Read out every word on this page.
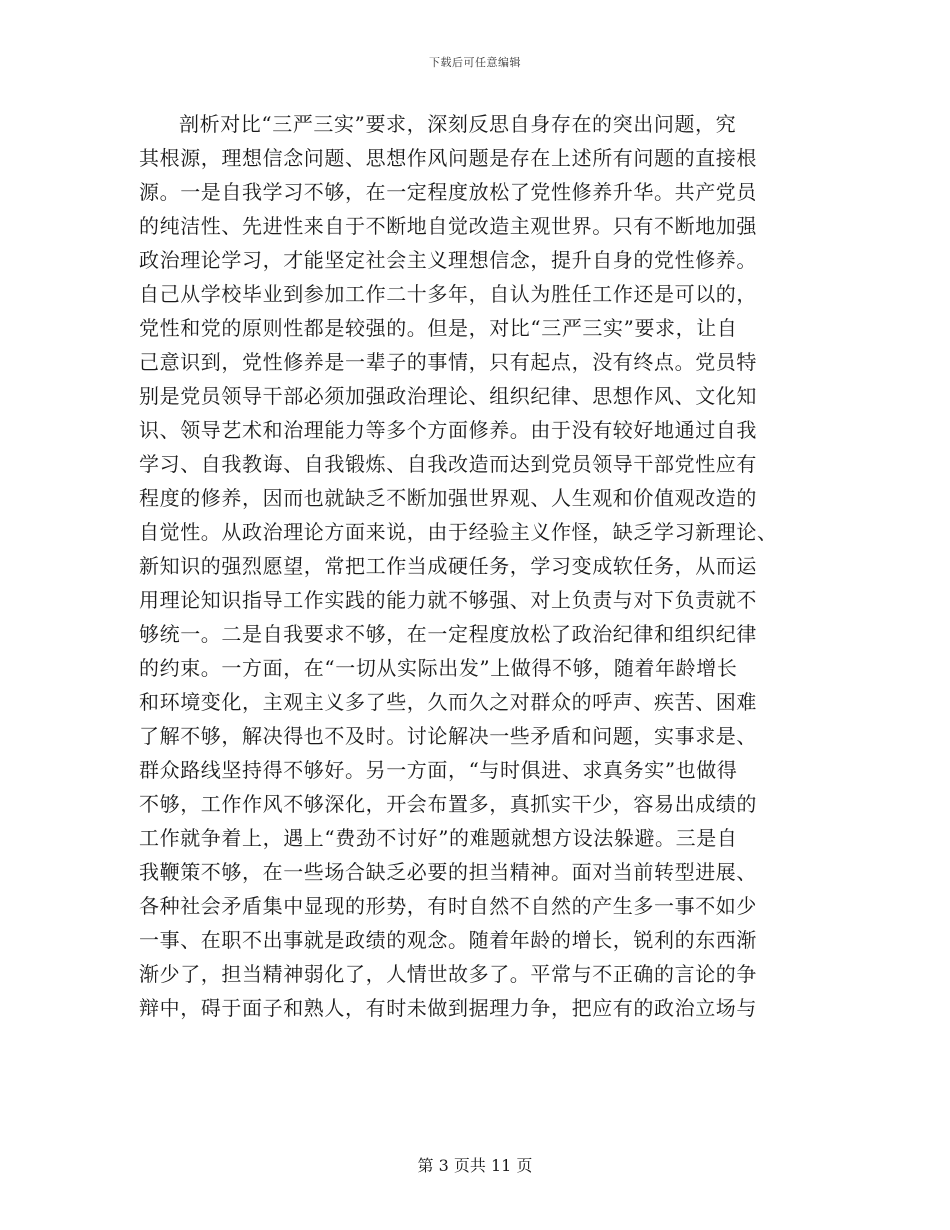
下载后可任意编辑
剖析对比“三严三实”要求，深刻反思自身存在的突出问题，究
其根源，理想信念问题、思想作风问题是存在上述所有问题的直接根
源。一是自我学习不够，在一定程度放松了党性修养升华。共产党员
的纯洁性、先进性来自于不断地自觉改造主观世界。只有不断地加强
政治理论学习，才能坚定社会主义理想信念，提升自身的党性修养。
自己从学校毕业到参加工作二十多年，自认为胜任工作还是可以的，
党性和党的原则性都是较强的。但是，对比“三严三实”要求，让自
己意识到，党性修养是一辈子的事情，只有起点，没有终点。党员特
别是党员领导干部必须加强政治理论、组织纪律、思想作风、文化知
识、领导艺术和治理能力等多个方面修养。由于没有较好地通过自我
学习、自我教诲、自我锻炼、自我改造而达到党员领导干部党性应有
程度的修养，因而也就缺乏不断加强世界观、人生观和价值观改造的
自觉性。从政治理论方面来说，由于经验主义作怪，缺乏学习新理论、
新知识的强烈愿望，常把工作当成硬任务，学习变成软任务，从而运
用理论知识指导工作实践的能力就不够强、对上负责与对下负责就不
够统一。二是自我要求不够，在一定程度放松了政治纪律和组织纪律
的约束。一方面，在“一切从实际出发”上做得不够，随着年龄增长
和环境变化，主观主义多了些，久而久之对群众的呼声、疾苦、困难
了解不够，解决得也不及时。讨论解决一些矛盾和问题，实事求是、
群众路线坚持得不够好。另一方面，“与时俱进、求真务实”也做得
不够，工作作风不够深化，开会布置多，真抓实干少，容易出成绩的
工作就争着上，遇上“费劲不讨好”的难题就想方设法躲避。三是自
我鞭策不够，在一些场合缺乏必要的担当精神。面对当前转型进展、
各种社会矛盾集中显现的形势，有时自然不自然的产生多一事不如少
一事、在职不出事就是政绩的观念。随着年龄的增长，锐利的东西渐
渐少了，担当精神弱化了，人情世故多了。平常与不正确的言论的争
辩中，碍于面子和熟人，有时未做到据理力争，把应有的政治立场与
第 3 页共 11 页
